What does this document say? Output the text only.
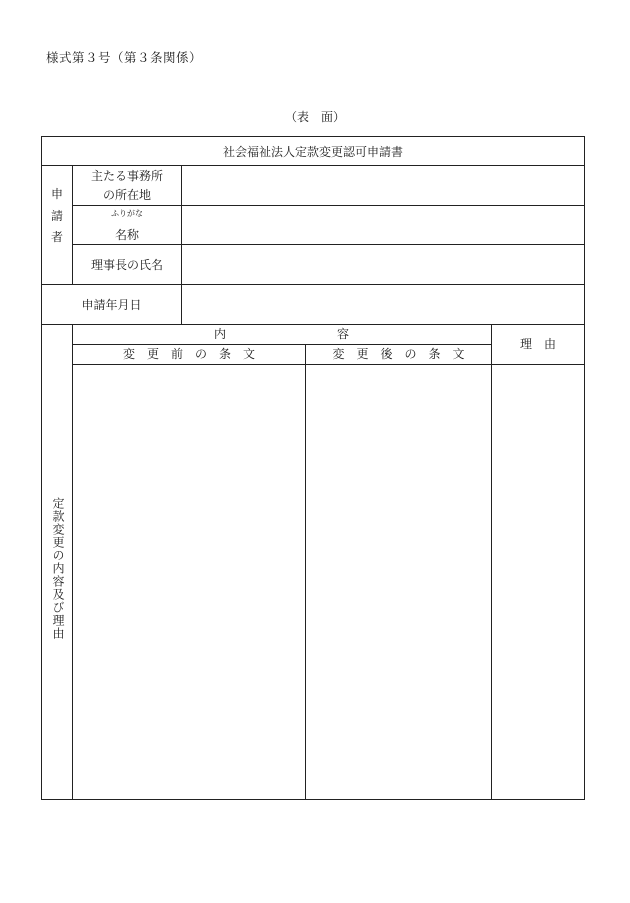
様式第３号（第３条関係）
（表　面）
社会福祉法人定款変更認可申請書
申
請
者
主たる事務所
の所在地
ふりがな
名称
理事長の氏名
申請年月日
定款変更の内容及び理由
内	容
変　更　前　の　条　文	変　更　後　の　条　文
理　由
